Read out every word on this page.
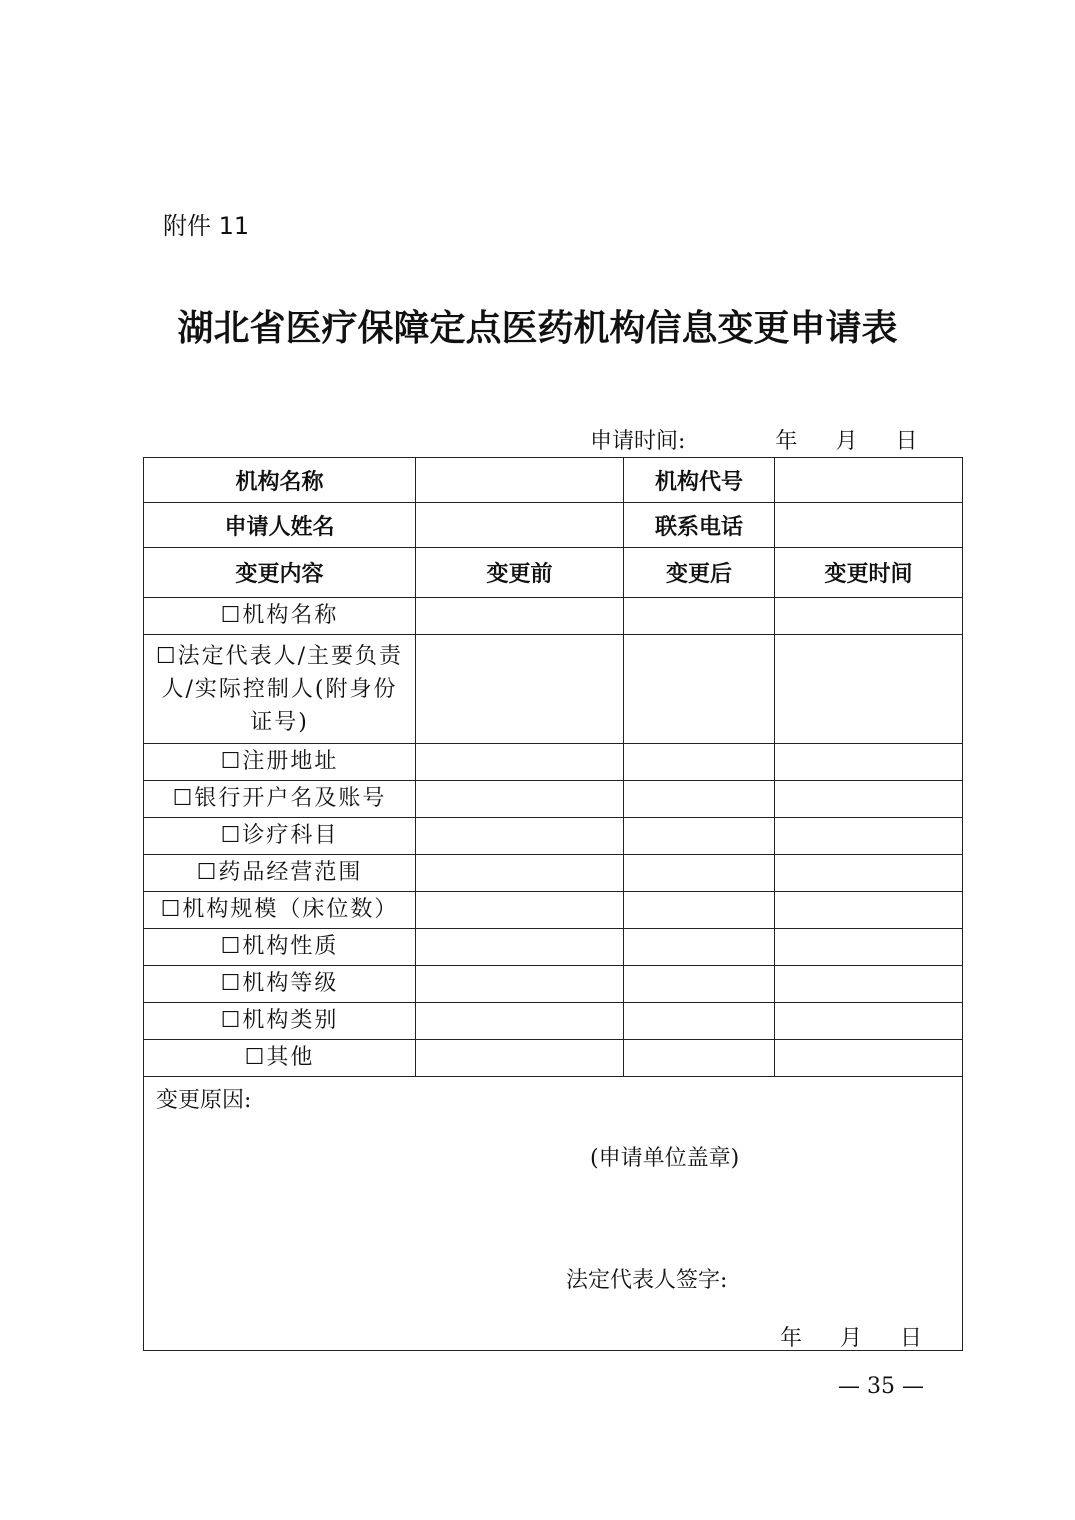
附件 11
湖北省医疗保障定点医药机构信息变更申请表
申请时间:	年 月 日
机构名称		机构代号	
申请人姓名		联系电话	
变更内容	变更前	变更后	变更时间
☐机构名称			
☐法定代表人/主要负责人/实际控制人(附身份证号)			
☐注册地址			
☐银行开户名及账号			
☐诊疗科目			
☐药品经营范围			
☐机构规模（床位数）			
☐机构性质			
☐机构等级			
☐机构类别			
☐其他			

变更原因:
(申请单位盖章)
法定代表人签字:
年 月 日			
— 35 —
